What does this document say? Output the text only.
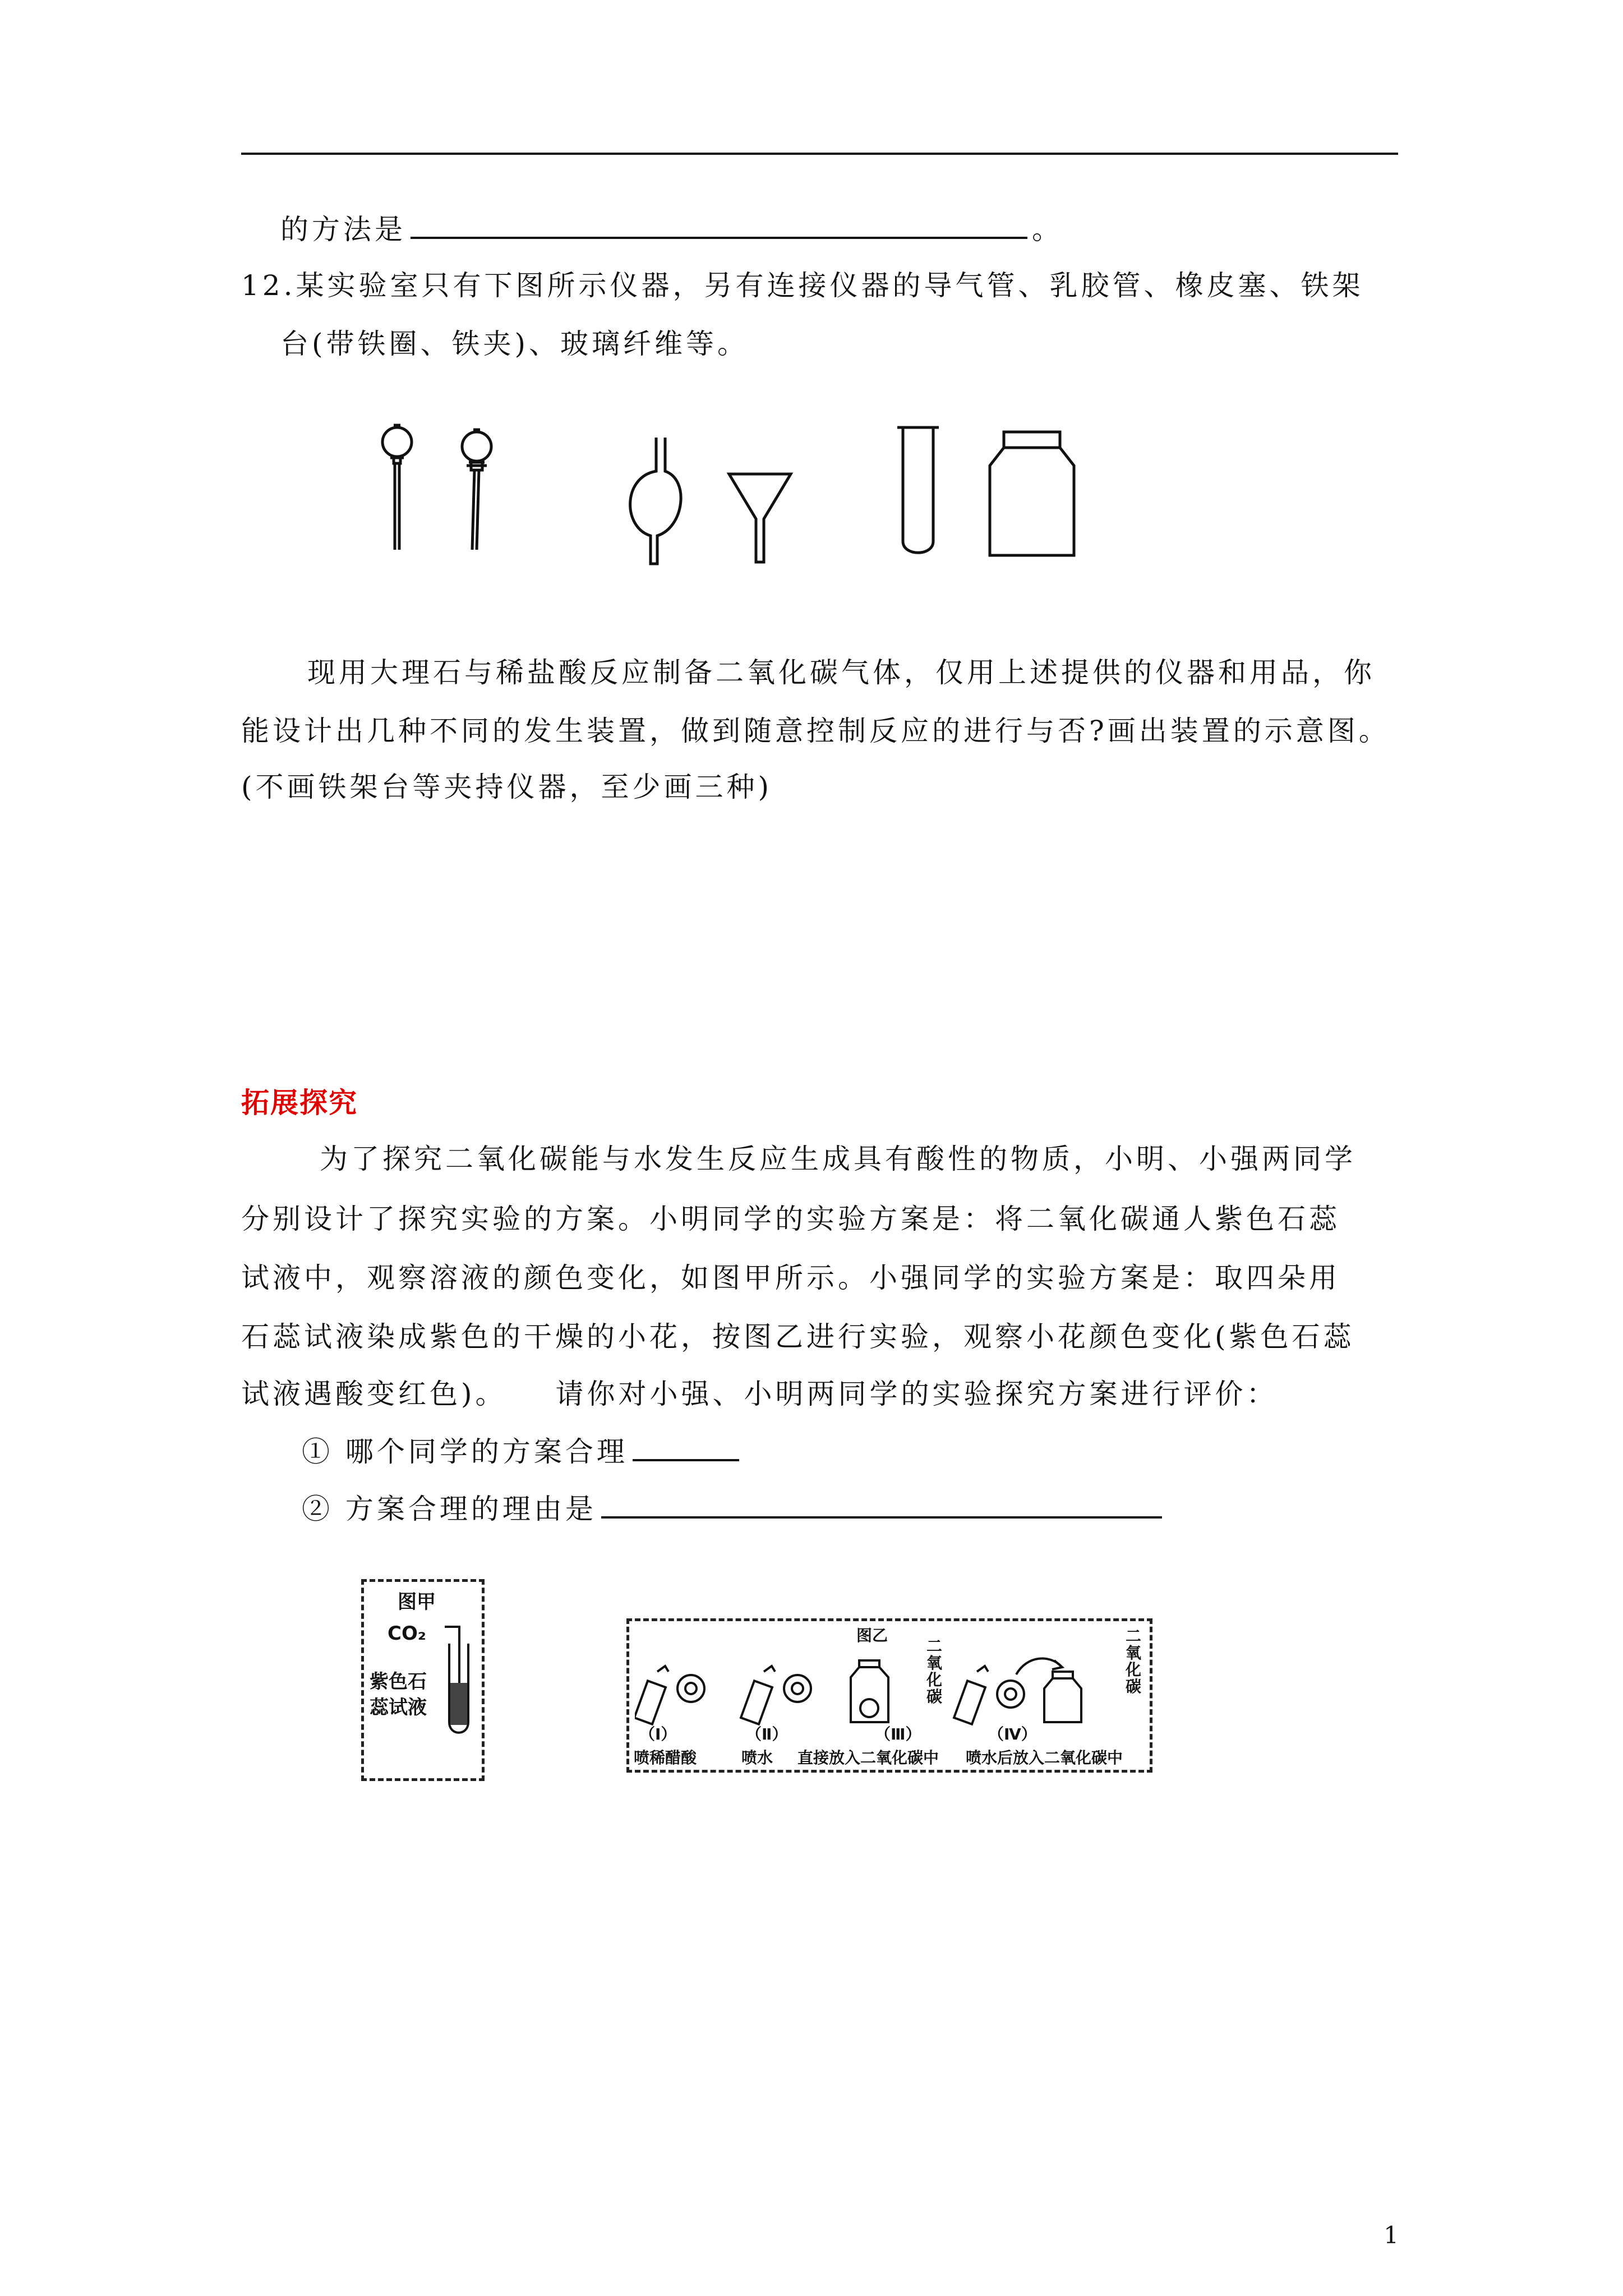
的方法是	。
12.某实验室只有下图所示仪器，另有连接仪器的导气管、乳胶管、橡皮塞、铁架
台(带铁圈、铁夹)、玻璃纤维等。
现用大理石与稀盐酸反应制备二氧化碳气体，仅用上述提供的仪器和用品，你
能设计出几种不同的发生装置，做到随意控制反应的进行与否?画出装置的示意图。
(不画铁架台等夹持仪器，至少画三种)
拓展探究
为了探究二氧化碳能与水发生反应生成具有酸性的物质，小明、小强两同学
分别设计了探究实验的方案。小明同学的实验方案是：将二氧化碳通人紫色石蕊
试液中，观察溶液的颜色变化，如图甲所示。小强同学的实验方案是：取四朵用
石蕊试液染成紫色的干燥的小花，按图乙进行实验，观察小花颜色变化(紫色石蕊
试液遇酸变红色)。　　请你对小强、小明两同学的实验探究方案进行评价：
① 哪个同学的方案合理
② 方案合理的理由是
图甲
CO₂
紫色石
蕊试液
图乙
二
氧
化
碳
二
氧
化
碳
（Ⅰ）	（Ⅱ）	（Ⅲ）	（Ⅳ）
喷稀醋酸	喷水 直接放入二氧化碳中 喷水后放入二氧化碳中
1
